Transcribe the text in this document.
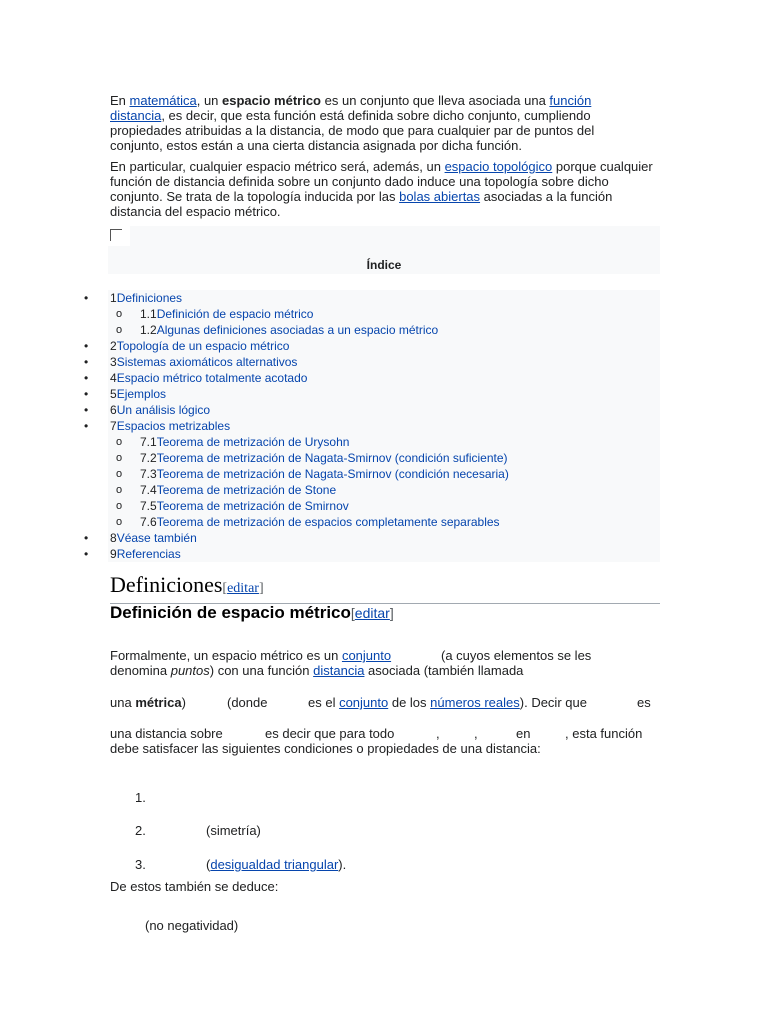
En matemática, un espacio métrico es un conjunto que lleva asociada una función distancia, es decir, que esta función está definida sobre dicho conjunto, cumpliendo propiedades atribuidas a la distancia, de modo que para cualquier par de puntos del conjunto, estos están a una cierta distancia asignada por dicha función.

En particular, cualquier espacio métrico será, además, un espacio topológico porque cualquier función de distancia definida sobre un conjunto dado induce una topología sobre dicho conjunto. Se trata de la topología inducida por las bolas abiertas asociadas a la función distancia del espacio métrico.

Índice
• 1Definiciones
o 1.1Definición de espacio métrico
o 1.2Algunas definiciones asociadas a un espacio métrico
• 2Topología de un espacio métrico
• 3Sistemas axiomáticos alternativos
• 4Espacio métrico totalmente acotado
• 5Ejemplos
• 6Un análisis lógico
• 7Espacios metrizables
o 7.1Teorema de metrización de Urysohn
o 7.2Teorema de metrización de Nagata-Smirnov (condición suficiente)
o 7.3Teorema de metrización de Nagata-Smirnov (condición necesaria)
o 7.4Teorema de metrización de Stone
o 7.5Teorema de metrización de Smirnov
o 7.6Teorema de metrización de espacios completamente separables
• 8Véase también
• 9Referencias
Definiciones[editar]
Definición de espacio métrico[editar]
Formalmente, un espacio métrico es un conjunto	(a cuyos elementos se les
denomina puntos) con una función distancia asociada (también llamada
una métrica)	(donde	es el conjunto de los números reales). Decir que	es
una distancia sobre	es decir que para todo	,	,	en	, esta función
debe satisfacer las siguientes condiciones o propiedades de una distancia:
1.
2.	(simetría)
3.	(desigualdad triangular).
De estos también se deduce:
(no negatividad)
